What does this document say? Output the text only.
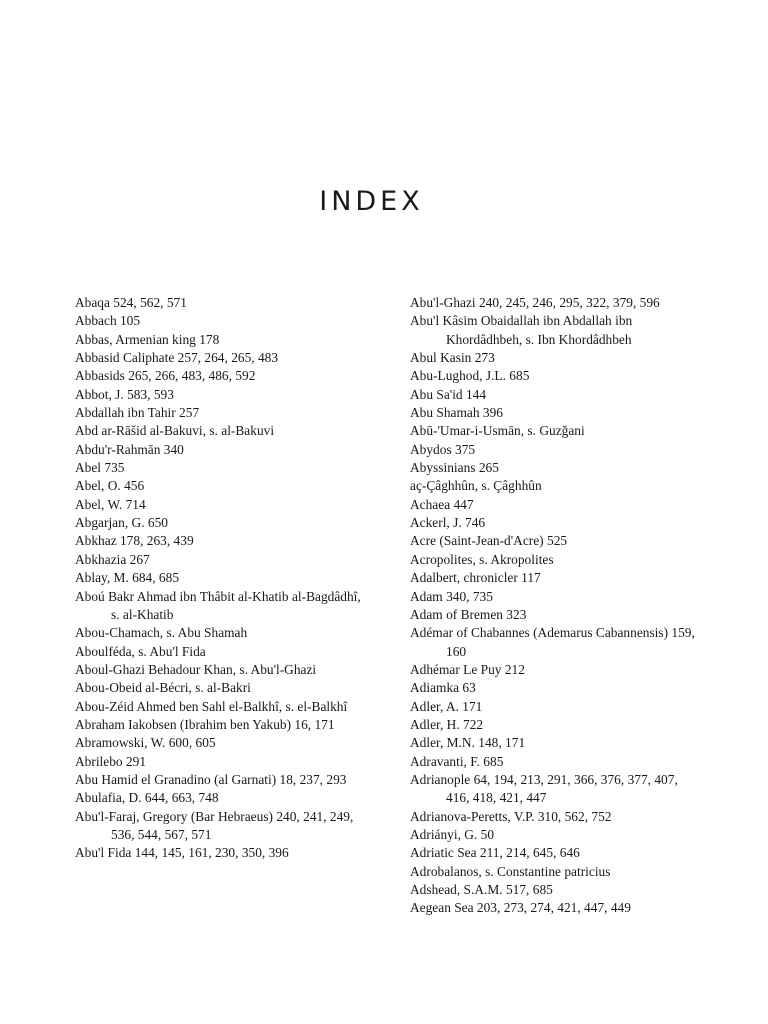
INDEX
Abaqa 524, 562, 571
Abbach 105
Abbas, Armenian king 178
Abbasid Caliphate 257, 264, 265, 483
Abbasids 265, 266, 483, 486, 592
Abbot, J. 583, 593
Abdallah ibn Tahir 257
Abd ar-Rāšid al-Bakuvi, s. al-Bakuvi
Abdu'r-Rahmān 340
Abel 735
Abel, O. 456
Abel, W. 714
Abgarjan, G. 650
Abkhaz 178, 263, 439
Abkhazia 267
Ablay, M. 684, 685
Aboú Bakr Ahmad ibn Thâbit al-Khatib al-Bagdâdhî, s. al-Khatib
Abou-Chamach, s. Abu Shamah
Aboulféda, s. Abu'l Fida
Aboul-Ghazi Behadour Khan, s. Abu'l-Ghazi
Abou-Obeid al-Bécri, s. al-Bakri
Abou-Zéid Ahmed ben Sahl el-Balkhî, s. el-Balkhî
Abraham Iakobsen (Ibrahim ben Yakub) 16, 171
Abramowski, W. 600, 605
Abrilebo 291
Abu Hamid el Granadino (al Garnati) 18, 237, 293
Abulafia, D. 644, 663, 748
Abu'l-Faraj, Gregory (Bar Hebraeus) 240, 241, 249, 536, 544, 567, 571
Abu'l Fida 144, 145, 161, 230, 350, 396
Abu'l-Ghazi 240, 245, 246, 295, 322, 379, 596
Abu'l Kâsim Obaidallah ibn Abdallah ibn Khordâdhbeh, s. Ibn Khordâdhbeh
Abul Kasin 273
Abu-Lughod, J.L. 685
Abu Sa'id 144
Abu Shamah 396
Abū-'Umar-i-Usmān, s. Guzğani
Abydos 375
Abyssinians 265
aç-Çâghhûn, s. Çâghhûn
Achaea 447
Ackerl, J. 746
Acre (Saint-Jean-d'Acre) 525
Acropolites, s. Akropolites
Adalbert, chronicler 117
Adam 340, 735
Adam of Bremen 323
Adémar of Chabannes (Ademarus Cabannensis) 159, 160
Adhémar Le Puy 212
Adiamka 63
Adler, A. 171
Adler, H. 722
Adler, M.N. 148, 171
Adravanti, F. 685
Adrianople 64, 194, 213, 291, 366, 376, 377, 407, 416, 418, 421, 447
Adrianova-Peretts, V.P. 310, 562, 752
Adriányi, G. 50
Adriatic Sea 211, 214, 645, 646
Adrobalanos, s. Constantine patricius
Adshead, S.A.M. 517, 685
Aegean Sea 203, 273, 274, 421, 447, 449
